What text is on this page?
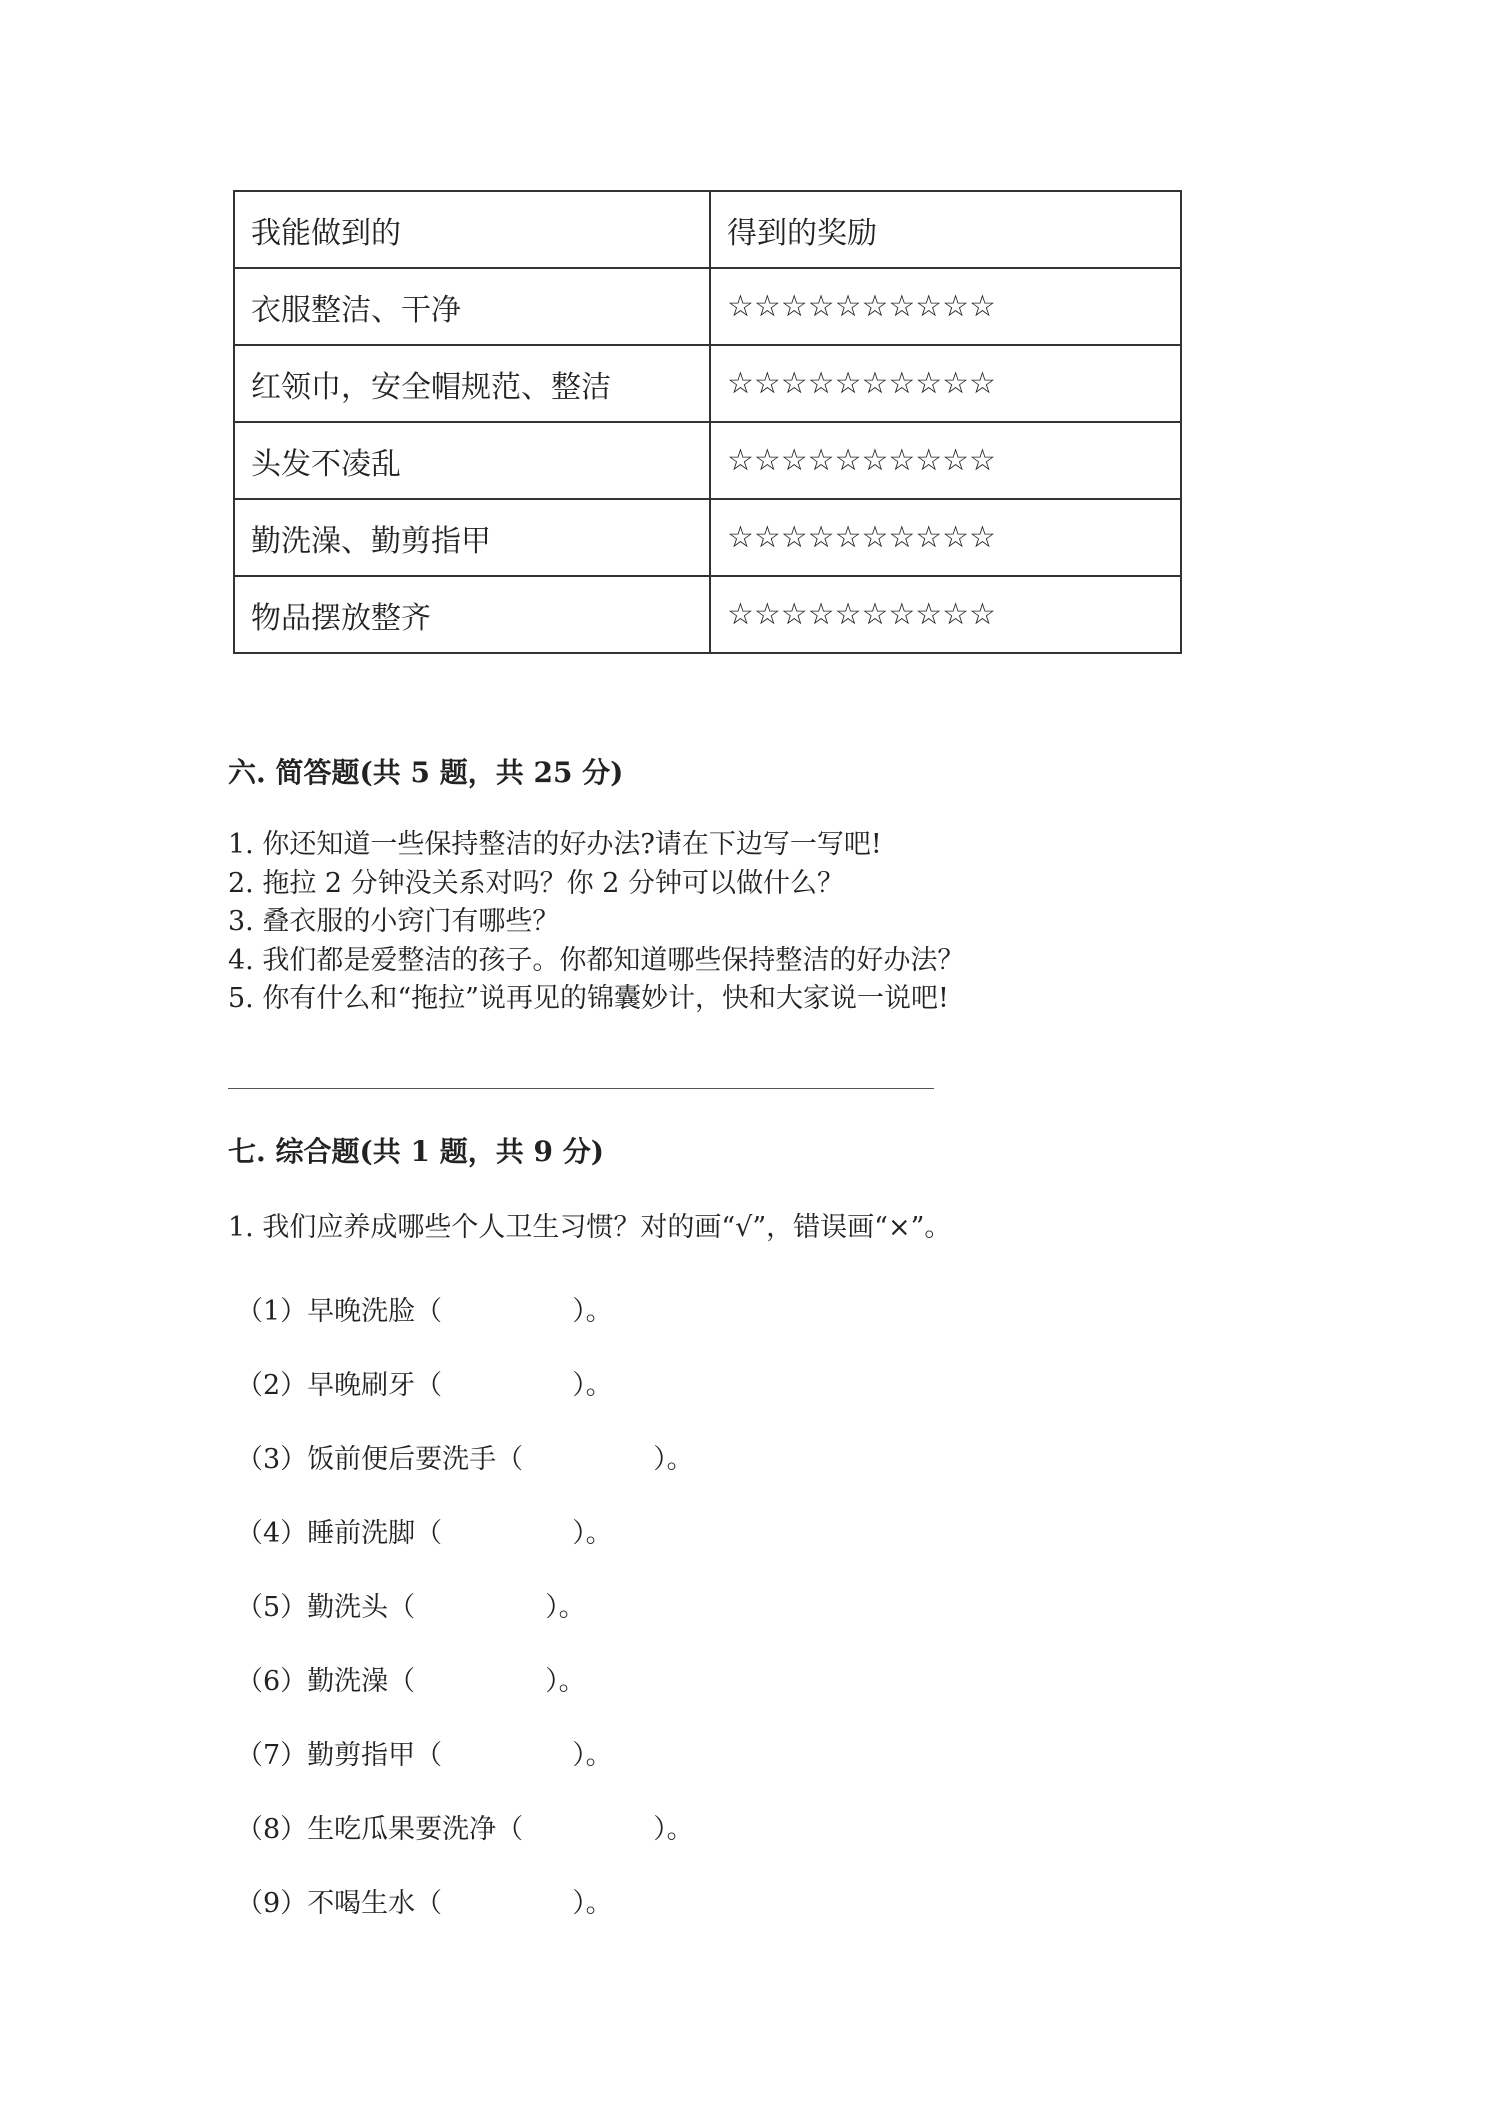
我能做到的	得到的奖励
衣服整洁、干净	☆☆☆☆☆☆☆☆☆☆
红领巾，安全帽规范、整洁	☆☆☆☆☆☆☆☆☆☆
头发不凌乱	☆☆☆☆☆☆☆☆☆☆
勤洗澡、勤剪指甲	☆☆☆☆☆☆☆☆☆☆
物品摆放整齐	☆☆☆☆☆☆☆☆☆☆
六. 简答题(共 5 题，共 25 分)
1. 你还知道一些保持整洁的好办法?请在下边写一写吧!
2. 拖拉 2 分钟没关系对吗？你 2 分钟可以做什么？
3. 叠衣服的小窍门有哪些？
4. 我们都是爱整洁的孩子。你都知道哪些保持整洁的好办法？
5. 你有什么和“拖拉”说再见的锦囊妙计，快和大家说一说吧!
七. 综合题(共 1 题，共 9 分)
1. 我们应养成哪些个人卫生习惯？对的画“√”，错误画“×”。
（1） 早晚洗脸（	）。
（2） 早晚刷牙（	）。
（3） 饭前便后要洗手（	）。
（4） 睡前洗脚（	）。
（5） 勤洗头（	）。
（6） 勤洗澡（	）。
（7） 勤剪指甲（	）。
（8） 生吃瓜果要洗净（	）。
（9） 不喝生水（	）。
